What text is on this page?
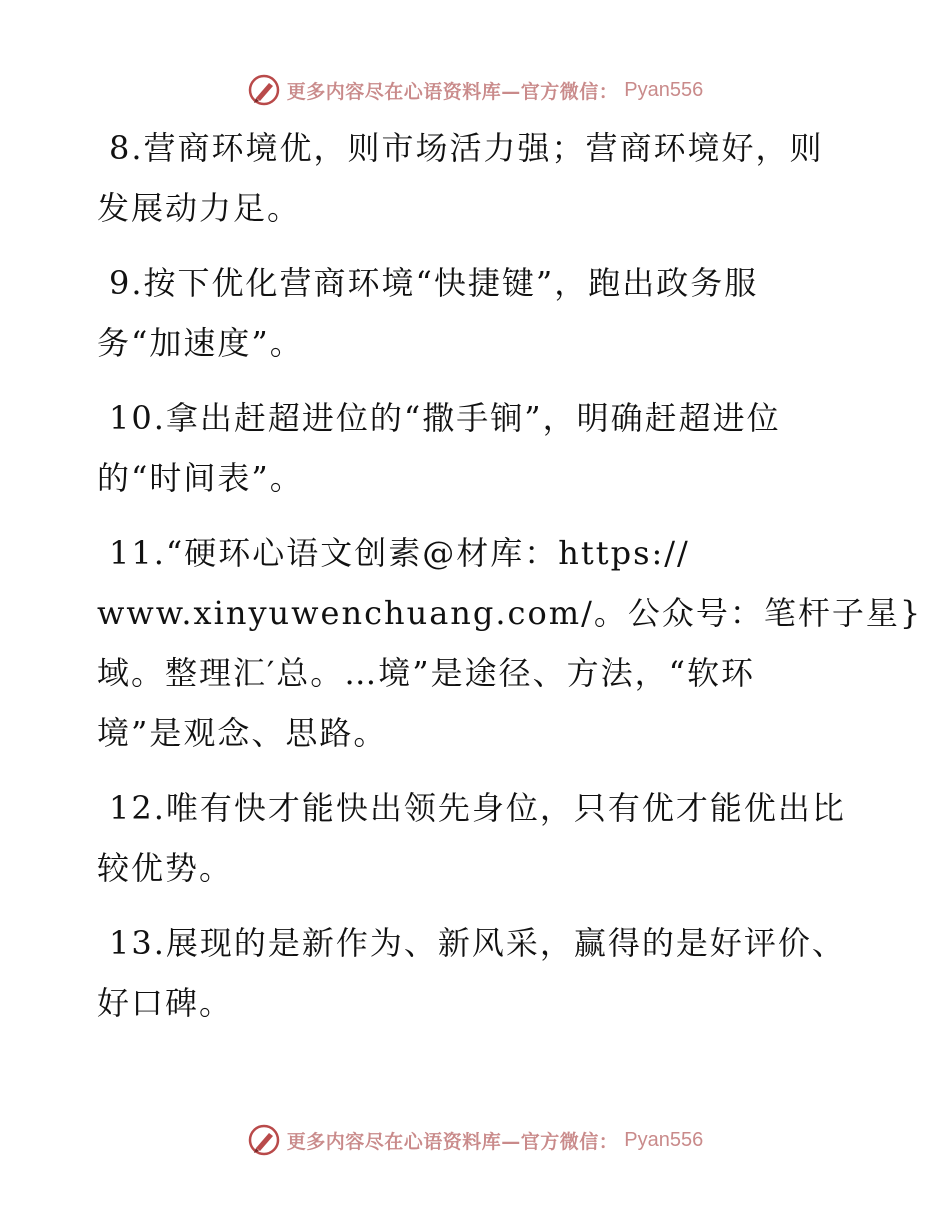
更多内容尽在心语资料库—官方微信： Pyan556
8.营商环境优，则市场活力强；营商环境好，则
发展动力足。
9.按下优化营商环境“快捷键”，跑出政务服
务“加速度”。
10.拿出赶超进位的“撒手锏”，明确赶超进位
的“时间表”。
11.“硬环心语文创素@材库：https://
www.xinyuwenchuang.com/。公众号：笔杆子星}
域。整理汇′总。…境”是途径、方法，“软环
境”是观念、思路。
12.唯有快才能快出领先身位，只有优才能优出比
较优势。
13.展现的是新作为、新风采，赢得的是好评价、
好口碑。
更多内容尽在心语资料库—官方微信： Pyan556
